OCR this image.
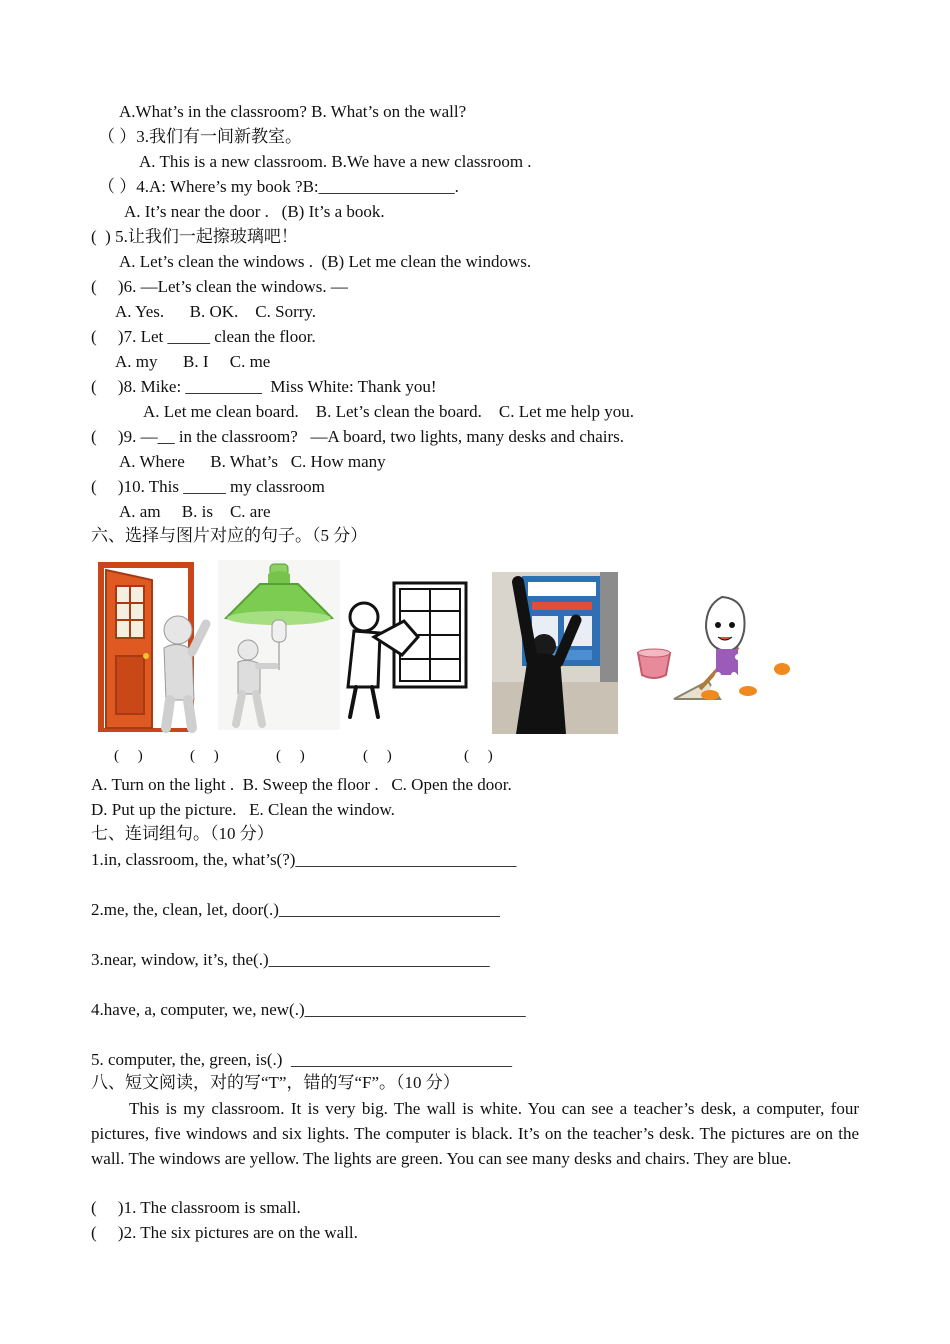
A.What’s in the classroom? B. What’s on the wall?
（ ）3.我们有一间新教室。
A. This is a new classroom. B.We have a new classroom .
（ ）4.A: Where’s my book ?B:________________.
A. It’s near the door .   (B) It’s a book.
(  ) 5.让我们一起擦玻璃吧！
A. Let’s clean the windows .  (B) Let me clean the windows.
(     )6. —Let’s clean the windows. —
A. Yes.      B. OK.    C. Sorry.
(     )7. Let _____ clean the floor.
A. my      B. I     C. me
(     )8. Mike: _________  Miss White: Thank you!
A. Let me clean board.    B. Let’s clean the board.    C. Let me help you.
(     )9. —__ in the classroom?   —A board, two lights, many desks and chairs.
A. Where      B. What’s   C. How many
(     )10. This _____ my classroom
A. am     B. is    C. are
六、选择与图片对应的句子。（5 分）
(     )	(     )	(     )	(     )	(     )
A. Turn on the light .  B. Sweep the floor .   C. Open the door.
D. Put up the picture.   E. Clean the window.
七、连词组句。（10 分）
1.in, classroom, the, what’s(?)__________________________
2.me, the, clean, let, door(.)__________________________
3.near, window, it’s, the(.)__________________________
4.have, a, computer, we, new(.)__________________________
5. computer, the, green, is(.)  __________________________
八、短文阅读，对的写“T”，错的写“F”。（10 分）
This is my classroom. It is very big. The wall is white. You can see a teacher’s desk, a computer, four pictures, five windows and six lights. The computer is black. It’s on the teacher’s desk. The pictures are on the wall. The windows are yellow. The lights are green. You can see many desks and chairs. They are blue.
(     )1. The classroom is small.
(     )2. The six pictures are on the wall.
